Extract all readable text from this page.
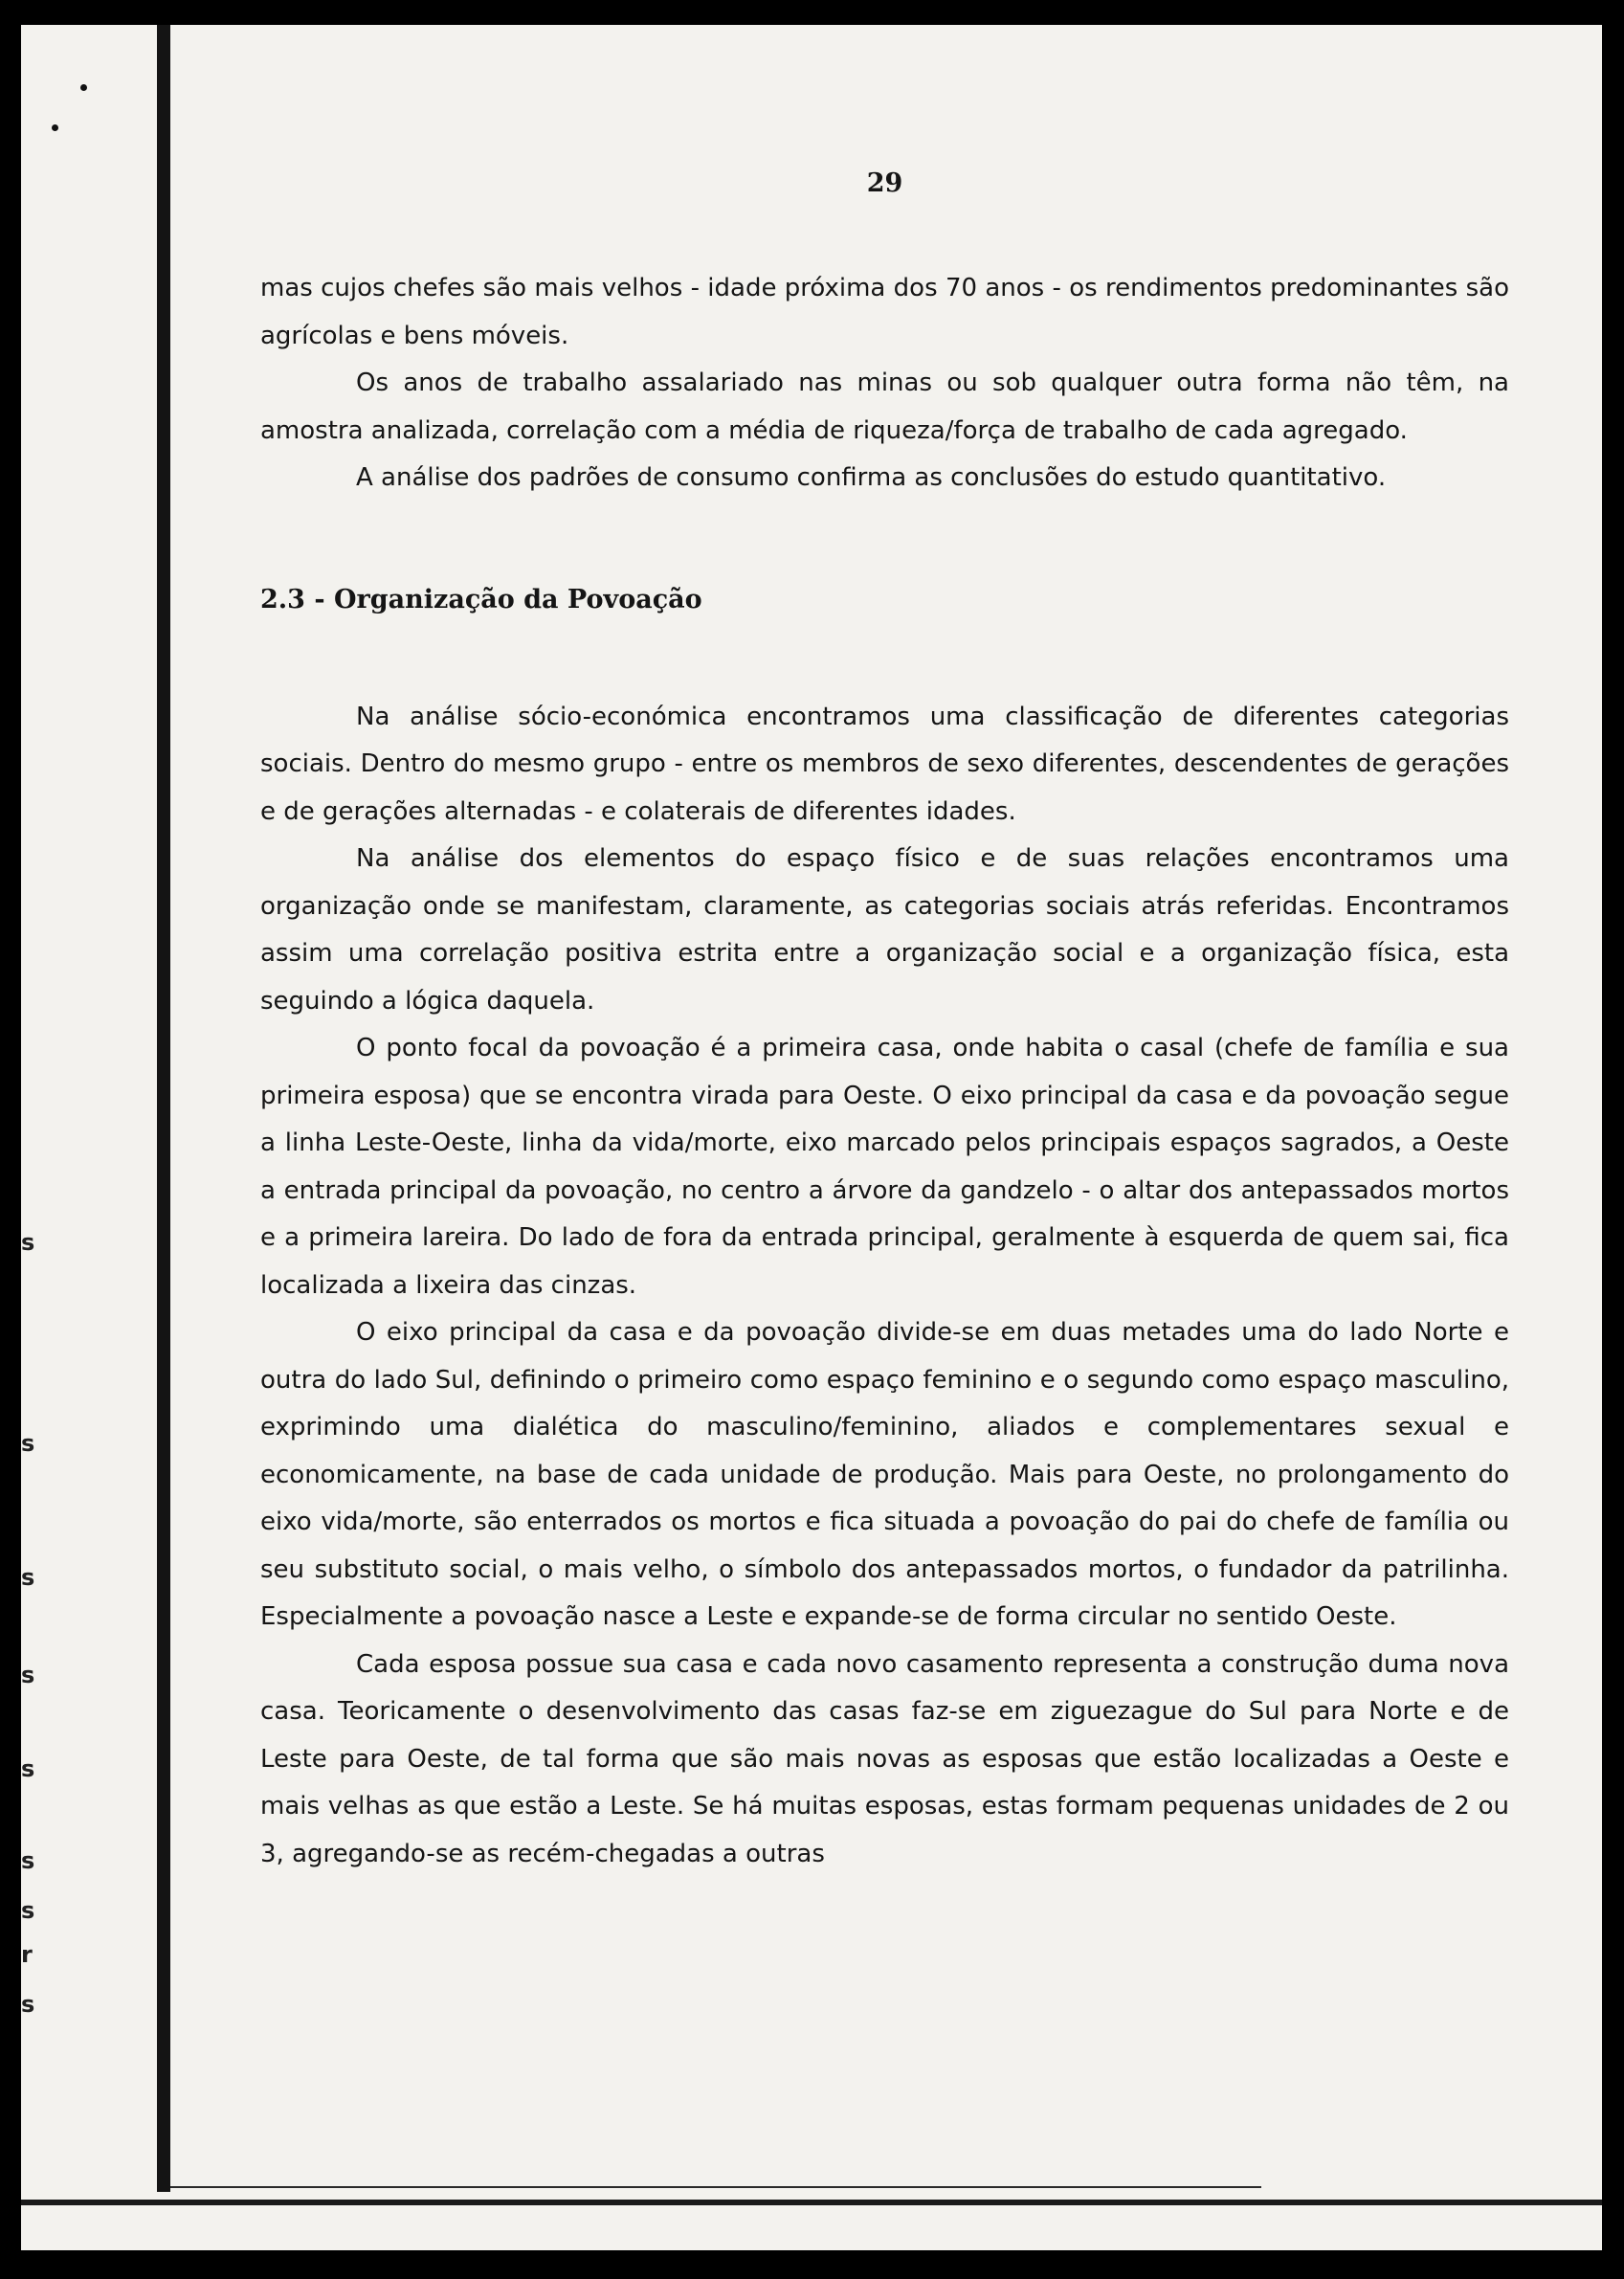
s
s
s
s
s
s
s
r
s
29

mas cujos chefes são mais velhos - idade próxima dos 70 anos - os rendimentos predominantes são agrícolas e bens móveis.

Os anos de trabalho assalariado nas minas ou sob qualquer outra forma não têm, na amostra analizada, correlação com a média de riqueza/força de trabalho de cada agregado.

A análise dos padrões de consumo confirma as conclusões do estudo quantitativo.

2.3 - Organização da Povoação

Na análise sócio-económica encontramos uma classificação de diferentes categorias sociais. Dentro do mesmo grupo - entre os membros de sexo diferentes, descendentes de gerações e de gerações alternadas - e colaterais de diferentes idades.

Na análise dos elementos do espaço físico e de suas relações encontramos uma organização onde se manifestam, claramente, as categorias sociais atrás referidas. Encontramos assim uma correlação positiva estrita entre a organização social e a organização física, esta seguindo a lógica daquela.

O ponto focal da povoação é a primeira casa, onde habita o casal (chefe de família e sua primeira esposa) que se encontra virada para Oeste. O eixo principal da casa e da povoação segue a linha Leste-Oeste, linha da vida/morte, eixo marcado pelos principais espaços sagrados, a Oeste a entrada principal da povoação, no centro a árvore da gandzelo - o altar dos antepassados mortos e a primeira lareira. Do lado de fora da entrada principal, geralmente à esquerda de quem sai, fica localizada a lixeira das cinzas.

O eixo principal da casa e da povoação divide-se em duas metades uma do lado Norte e outra do lado Sul, definindo o primeiro como espaço feminino e o segundo como espaço masculino, exprimindo uma dialética do masculino/feminino, aliados e complementares sexual e economicamente, na base de cada unidade de produção. Mais para Oeste, no prolongamento do eixo vida/morte, são enterrados os mortos e fica situada a povoação do pai do chefe de família ou seu substituto social, o mais velho, o símbolo dos antepassados mortos, o fundador da patrilinha. Especialmente a povoação nasce a Leste e expande-se de forma circular no sentido Oeste.

Cada esposa possue sua casa e cada novo casamento representa a construção duma nova casa. Teoricamente o desenvolvimento das casas faz-se em ziguezague do Sul para Norte e de Leste para Oeste, de tal forma que são mais novas as esposas que estão localizadas a Oeste e mais velhas as que estão a Leste. Se há muitas esposas, estas formam pequenas unidades de 2 ou 3, agregando-se as recém-chegadas a outras
